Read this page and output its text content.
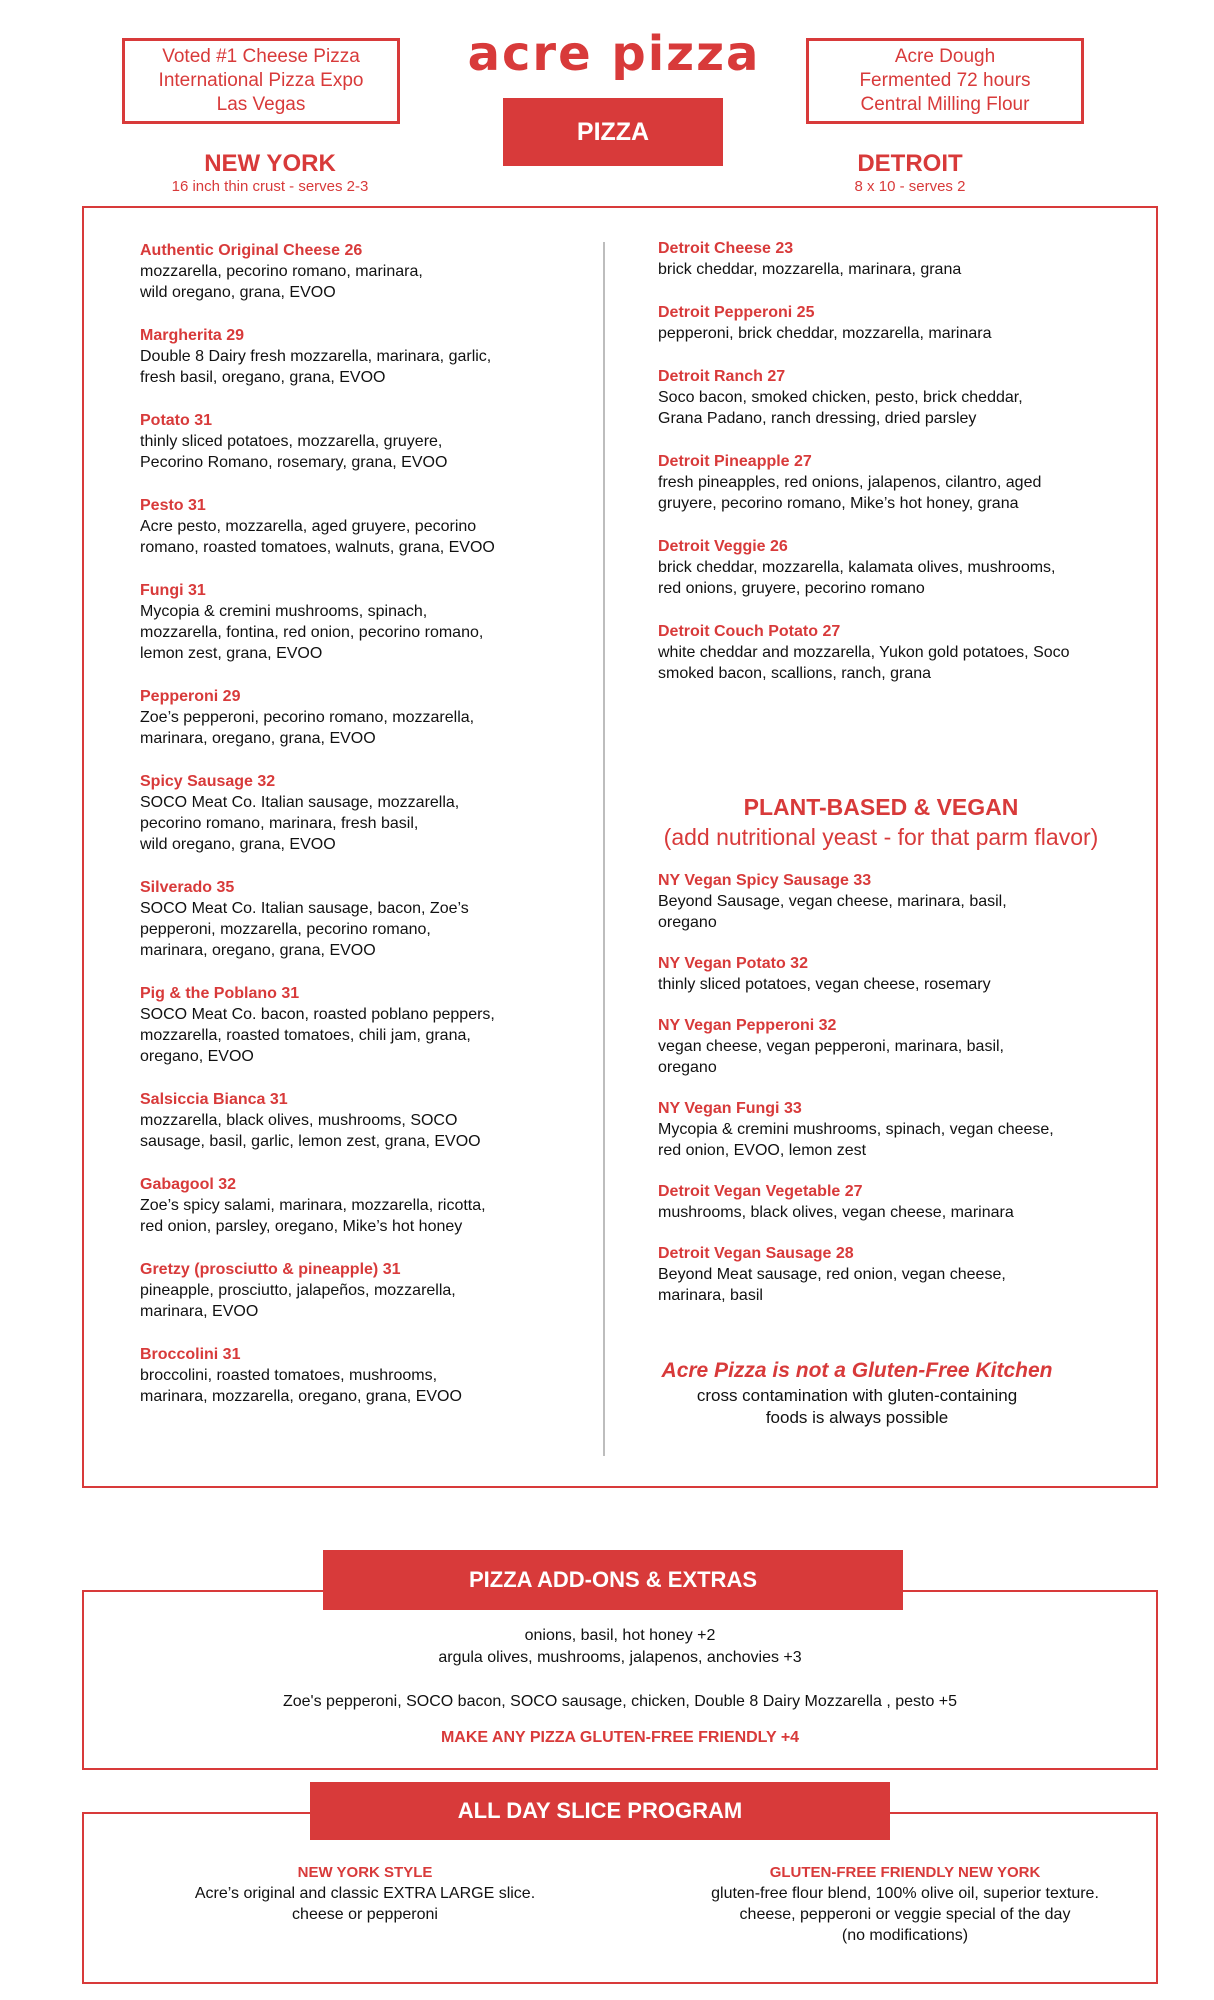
Voted #1 Cheese Pizza
International Pizza Expo
Las Vegas
Acre Dough
Fermented 72 hours
Central Milling Flour
acre pizza
PIZZA
NEW YORK
16 inch thin crust - serves 2-3
DETROIT
8 x 10 - serves 2
Authentic Original Cheese 26
mozzarella, pecorino romano, marinara,
wild oregano, grana, EVOO
Margherita 29
Double 8 Dairy fresh mozzarella, marinara, garlic,
fresh basil, oregano, grana, EVOO
Potato 31
thinly sliced potatoes, mozzarella, gruyere,
Pecorino Romano, rosemary, grana, EVOO
Pesto 31
Acre pesto, mozzarella, aged gruyere, pecorino
romano, roasted tomatoes, walnuts, grana, EVOO
Fungi 31
Mycopia & cremini mushrooms, spinach,
mozzarella, fontina, red onion, pecorino romano,
lemon zest, grana, EVOO
Pepperoni 29
Zoe’s pepperoni, pecorino romano, mozzarella,
marinara, oregano, grana, EVOO
Spicy Sausage 32
SOCO Meat Co. Italian sausage, mozzarella,
pecorino romano, marinara, fresh basil,
wild oregano, grana, EVOO
Silverado 35
SOCO Meat Co. Italian sausage, bacon, Zoe’s
pepperoni, mozzarella, pecorino romano,
marinara, oregano, grana, EVOO
Pig & the Poblano 31
SOCO Meat Co. bacon, roasted poblano peppers,
mozzarella, roasted tomatoes, chili jam, grana,
oregano, EVOO
Salsiccia Bianca 31
mozzarella, black olives, mushrooms, SOCO
sausage, basil, garlic, lemon zest, grana, EVOO
Gabagool 32
Zoe’s spicy salami, marinara, mozzarella, ricotta,
red onion, parsley, oregano, Mike’s hot honey
Gretzy (prosciutto & pineapple) 31
pineapple, prosciutto, jalapeños, mozzarella,
marinara, EVOO
Broccolini 31
broccolini, roasted tomatoes, mushrooms,
marinara, mozzarella, oregano, grana, EVOO
Detroit Cheese 23
brick cheddar, mozzarella, marinara, grana
Detroit Pepperoni 25
pepperoni, brick cheddar, mozzarella, marinara
Detroit Ranch 27
Soco bacon, smoked chicken, pesto, brick cheddar,
Grana Padano, ranch dressing, dried parsley
Detroit Pineapple 27
fresh pineapples, red onions, jalapenos, cilantro, aged
gruyere, pecorino romano, Mike’s hot honey, grana
Detroit Veggie 26
brick cheddar, mozzarella, kalamata olives, mushrooms,
red onions, gruyere, pecorino romano
Detroit Couch Potato 27
white cheddar and mozzarella, Yukon gold potatoes, Soco
smoked bacon, scallions, ranch, grana
PLANT-BASED & VEGAN
(add nutritional yeast - for that parm flavor)
NY Vegan Spicy Sausage 33
Beyond Sausage, vegan cheese, marinara, basil,
oregano
NY Vegan Potato 32
thinly sliced potatoes, vegan cheese, rosemary
NY Vegan Pepperoni 32
vegan cheese, vegan pepperoni, marinara, basil,
oregano
NY Vegan Fungi 33
Mycopia & cremini mushrooms, spinach, vegan cheese,
red onion, EVOO, lemon zest
Detroit Vegan Vegetable 27
mushrooms, black olives, vegan cheese, marinara
Detroit Vegan Sausage 28
Beyond Meat sausage, red onion, vegan cheese,
marinara, basil
Acre Pizza is not a Gluten-Free Kitchen
cross contamination with gluten-containing
foods is always possible
PIZZA ADD-ONS & EXTRAS
onions, basil, hot honey +2
argula olives, mushrooms, jalapenos, anchovies +3
Zoe's pepperoni, SOCO bacon, SOCO sausage, chicken, Double 8 Dairy Mozzarella , pesto +5
MAKE ANY PIZZA GLUTEN-FREE FRIENDLY +4
ALL DAY SLICE PROGRAM
NEW YORK STYLE
Acre’s original and classic EXTRA LARGE slice.
cheese or pepperoni
GLUTEN-FREE FRIENDLY NEW YORK
gluten-free flour blend, 100% olive oil, superior texture.
cheese, pepperoni or veggie special of the day
(no modifications)
